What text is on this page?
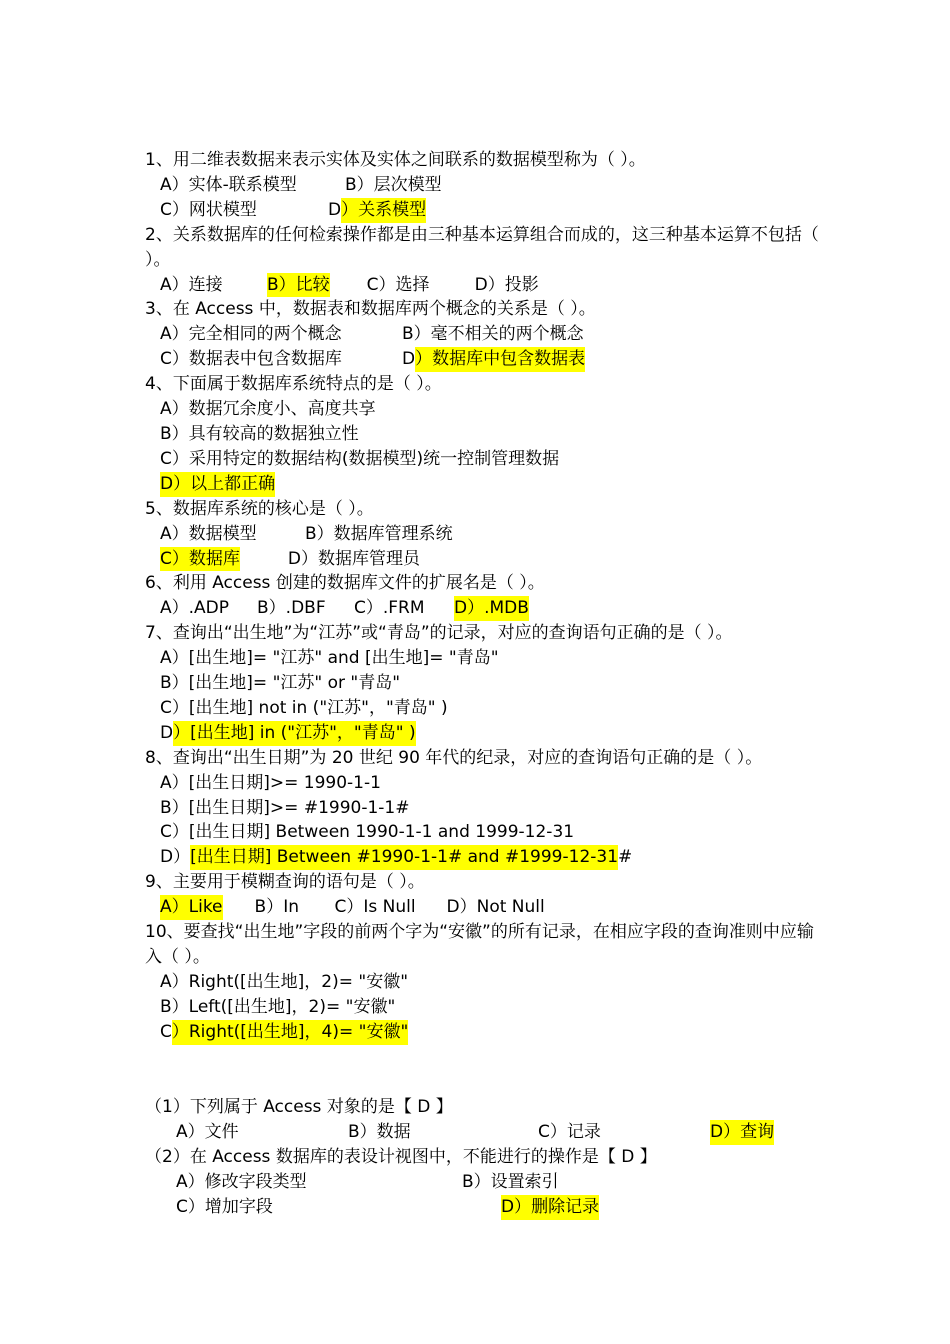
1、用二维表数据来表示实体及实体之间联系的数据模型称为（ ）。
A）实体-联系模型	B）层次模型
C）网状模型	D）关系模型
2、关系数据库的任何检索操作都是由三种基本运算组合而成的，这三种基本运算不包括（ ）。
A）连接	B）比较 C）选择	D）投影
3、在 Access 中，数据表和数据库两个概念的关系是（ ）。
A）完全相同的两个概念	B）毫不相关的两个概念
C）数据表中包含数据库	D）数据库中包含数据表
4、下面属于数据库系统特点的是（ ）。
A）数据冗余度小、高度共享
B）具有较高的数据独立性
C）采用特定的数据结构(数据模型)统一控制管理数据
D）以上都正确
5、数据库系统的核心是（ ）。
A）数据模型	B）数据库管理系统
C）数据库	D）数据库管理员
6、利用 Access 创建的数据库文件的扩展名是（ ）。
A）.ADP B）.DBF C）.FRM D）.MDB
7、查询出“出生地”为“江苏”或“青岛”的记录，对应的查询语句正确的是（ ）。
A）[出生地]= "江苏" and [出生地]= "青岛"
B）[出生地]= "江苏" or "青岛"
C）[出生地] not in ("江苏"，"青岛" )
D）[出生地] in ("江苏"，"青岛" )
8、查询出“出生日期”为 20 世纪 90 年代的纪录，对应的查询语句正确的是（ ）。
A）[出生日期]>= 1990-1-1
B）[出生日期]>= #1990-1-1#
C）[出生日期] Between 1990-1-1 and 1999-12-31
D）[出生日期] Between #1990-1-1# and #1999-12-31#
9、主要用于模糊查询的语句是（ ）。
A）Like B）In C）Is Null D）Not Null
10、要查找“出生地”字段的前两个字为“安徽”的所有记录，在相应字段的查询准则中应输入（ ）。
A）Right([出生地]，2)= "安徽"
B）Left([出生地]，2)= "安徽"
C）Right([出生地]，4)= "安徽"
（1）下列属于 Access 对象的是【 D 】
A）文件	B）数据	C）记录	D）查询
（2）在 Access 数据库的表设计视图中，不能进行的操作是【 D 】
A）修改字段类型	B）设置索引
C）增加字段	D）删除记录
